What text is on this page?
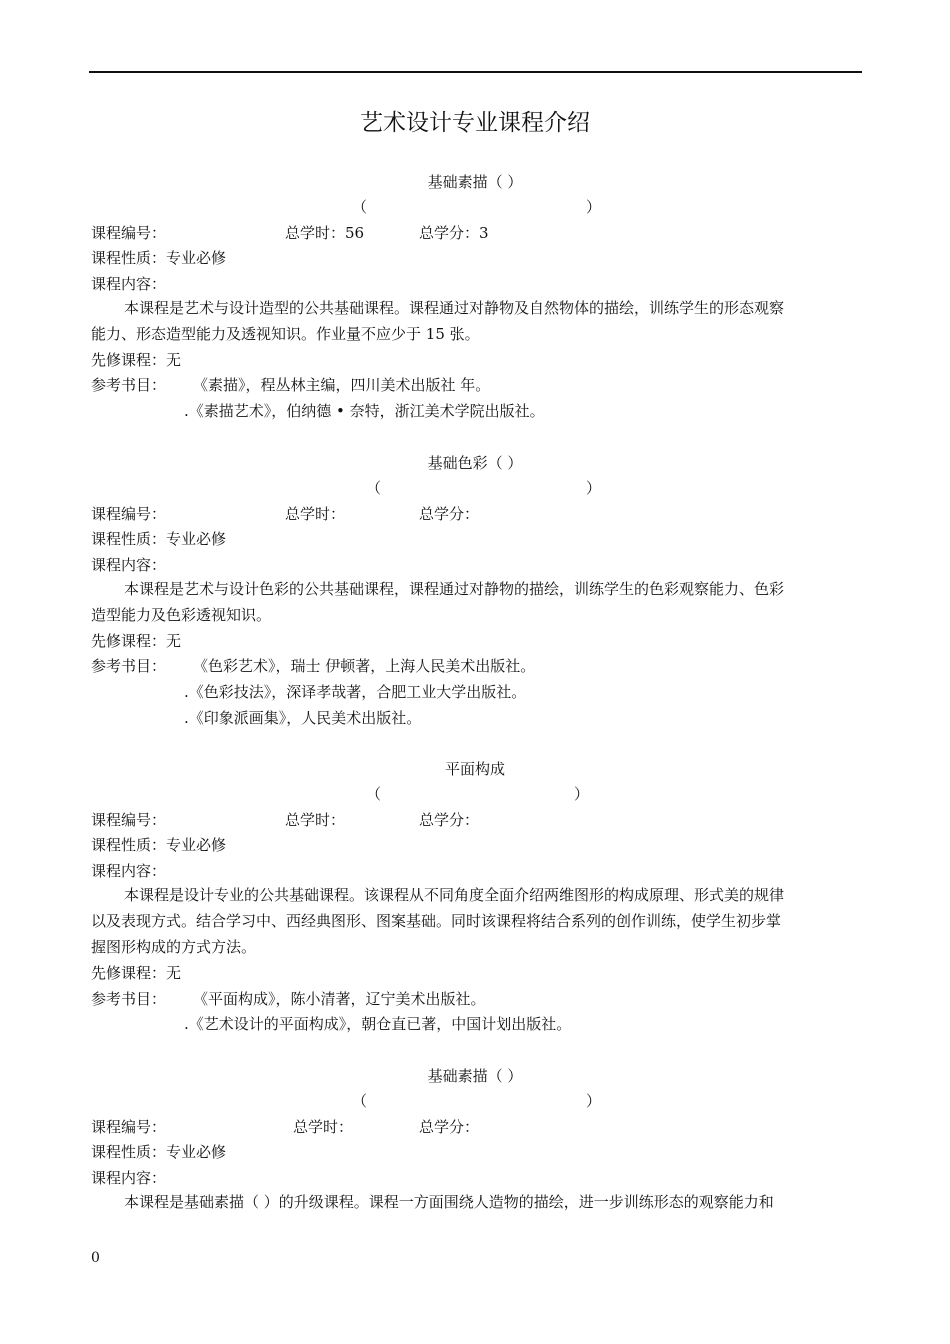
艺术设计专业课程介绍
基础素描（ ）
（	）
课程编号：	总学时：56	总学分：3
课程性质：专业必修
课程内容：
本课程是艺术与设计造型的公共基础课程。课程通过对静物及自然物体的描绘，训练学生的形态观察
能力、形态造型能力及透视知识。作业量不应少于 15 张。
先修课程：无
参考书目： 《素描》，程丛林主编，四川美术出版社 年。
.《素描艺术》，伯纳德 • 奈特，浙江美术学院出版社。
基础色彩（ ）
（	）
课程编号：	总学时：	总学分：
课程性质：专业必修
课程内容：
本课程是艺术与设计色彩的公共基础课程，课程通过对静物的描绘，训练学生的色彩观察能力、色彩
造型能力及色彩透视知识。
先修课程：无
参考书目： 《色彩艺术》，瑞士 伊顿著，上海人民美术出版社。
.《色彩技法》，深译孝哉著，合肥工业大学出版社。
.《印象派画集》，人民美术出版社。
平面构成
（	）
课程编号：	总学时：	总学分：
课程性质：专业必修
课程内容：
本课程是设计专业的公共基础课程。该课程从不同角度全面介绍两维图形的构成原理、形式美的规律
以及表现方式。结合学习中、西经典图形、图案基础。同时该课程将结合系列的创作训练，使学生初步掌
握图形构成的方式方法。
先修课程：无
参考书目： 《平面构成》，陈小清著，辽宁美术出版社。
.《艺术设计的平面构成》，朝仓直已著，中国计划出版社。
基础素描（ ）
（	）
课程编号：	总学时：	总学分：
课程性质：专业必修
课程内容：
本课程是基础素描（ ）的升级课程。课程一方面围绕人造物的描绘，进一步训练形态的观察能力和
0
